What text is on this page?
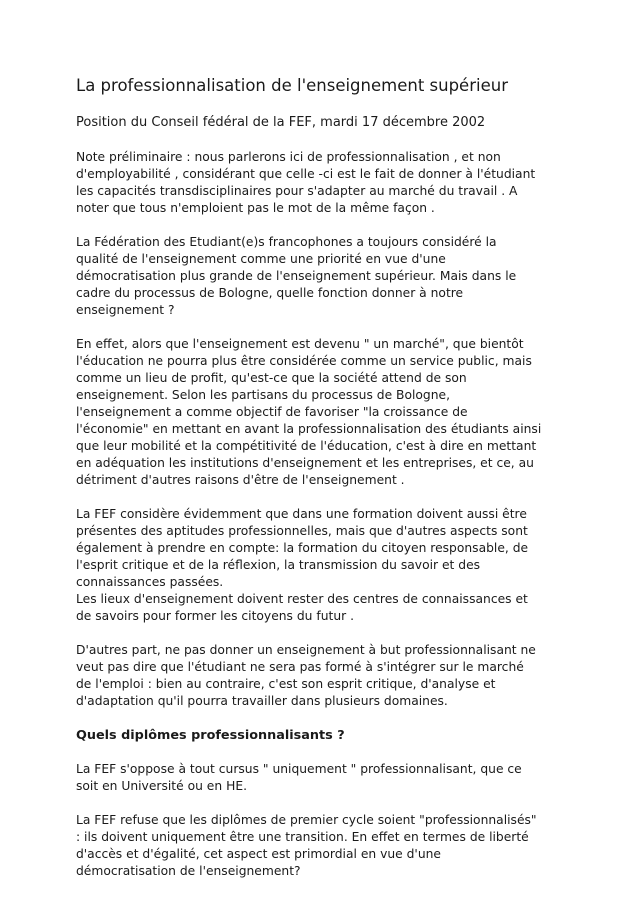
La professionnalisation de l'enseignement supérieur
Position du Conseil fédéral de la FEF, mardi 17 décembre 2002
Note préliminaire : nous parlerons ici de professionnalisation , et non
d'employabilité , considérant que celle -ci est le fait de donner à l'étudiant
les capacités transdisciplinaires pour s'adapter au marché du travail . A
noter que tous n'emploient pas le mot de la même façon .
La Fédération des Etudiant(e)s francophones a toujours considéré la
qualité de l'enseignement comme une priorité en vue d'une
démocratisation plus grande de l'enseignement supérieur. Mais dans le
cadre du processus de Bologne, quelle fonction donner à notre
enseignement ?
En effet, alors que l'enseignement est devenu " un marché", que bientôt
l'éducation ne pourra plus être considérée comme un service public, mais
comme un lieu de profit, qu'est-ce que la société attend de son
enseignement. Selon les partisans du processus de Bologne,
l'enseignement a comme objectif de favoriser "la croissance de
l'économie" en mettant en avant la professionnalisation des étudiants ainsi
que leur mobilité et la compétitivité de l'éducation, c'est à dire en mettant
en adéquation les institutions d'enseignement et les entreprises, et ce, au
détriment d'autres raisons d'être de l'enseignement .
La FEF considère évidemment que dans une formation doivent aussi être
présentes des aptitudes professionnelles, mais que d'autres aspects sont
également à prendre en compte: la formation du citoyen responsable, de
l'esprit critique et de la réflexion, la transmission du savoir et des
connaissances passées.
Les lieux d'enseignement doivent rester des centres de connaissances et
de savoirs pour former les citoyens du futur .
D'autres part, ne pas donner un enseignement à but professionnalisant ne
veut pas dire que l'étudiant ne sera pas formé à s'intégrer sur le marché
de l'emploi : bien au contraire, c'est son esprit critique, d'analyse et
d'adaptation qu'il pourra travailler dans plusieurs domaines.
Quels diplômes professionnalisants ?
La FEF s'oppose à tout cursus " uniquement " professionnalisant, que ce
soit en Université ou en HE.
La FEF refuse que les diplômes de premier cycle soient "professionnalisés"
: ils doivent uniquement être une transition. En effet en termes de liberté
d'accès et d'égalité, cet aspect est primordial en vue d'une
démocratisation de l'enseignement?
